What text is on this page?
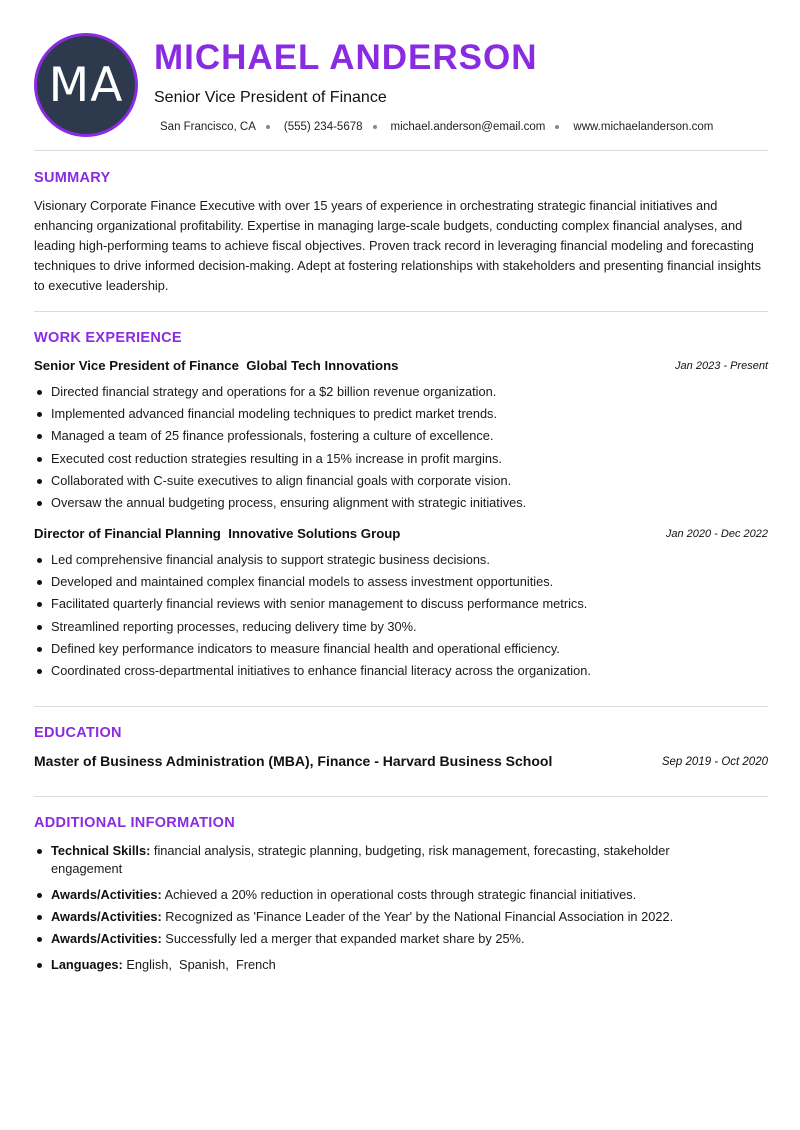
MA MICHAEL ANDERSON
Senior Vice President of Finance
San Francisco, CA (555) 234-5678 michael.anderson@email.com www.michaelanderson.com
SUMMARY
Visionary Corporate Finance Executive with over 15 years of experience in orchestrating strategic financial initiatives and enhancing organizational profitability. Expertise in managing large-scale budgets, conducting complex financial analyses, and leading high-performing teams to achieve fiscal objectives. Proven track record in leveraging financial modeling and forecasting techniques to drive informed decision-making. Adept at fostering relationships with stakeholders and presenting financial insights to executive leadership.
WORK EXPERIENCE
Senior Vice President of Finance Global Tech Innovations	Jan 2023 - Present
Directed financial strategy and operations for a $2 billion revenue organization.
Implemented advanced financial modeling techniques to predict market trends.
Managed a team of 25 finance professionals, fostering a culture of excellence.
Executed cost reduction strategies resulting in a 15% increase in profit margins.
Collaborated with C-suite executives to align financial goals with corporate vision.
Oversaw the annual budgeting process, ensuring alignment with strategic initiatives.
Director of Financial Planning Innovative Solutions Group	Jan 2020 - Dec 2022
Led comprehensive financial analysis to support strategic business decisions.
Developed and maintained complex financial models to assess investment opportunities.
Facilitated quarterly financial reviews with senior management to discuss performance metrics.
Streamlined reporting processes, reducing delivery time by 30%.
Defined key performance indicators to measure financial health and operational efficiency.
Coordinated cross-departmental initiatives to enhance financial literacy across the organization.
EDUCATION
Master of Business Administration (MBA), Finance - Harvard Business School	Sep 2019 - Oct 2020
ADDITIONAL INFORMATION
Technical Skills: financial analysis, strategic planning, budgeting, risk management, forecasting, stakeholder engagement
Awards/Activities: Achieved a 20% reduction in operational costs through strategic financial initiatives.
Awards/Activities: Recognized as 'Finance Leader of the Year' by the National Financial Association in 2022.
Awards/Activities: Successfully led a merger that expanded market share by 25%.
Languages: English,  Spanish,  French
